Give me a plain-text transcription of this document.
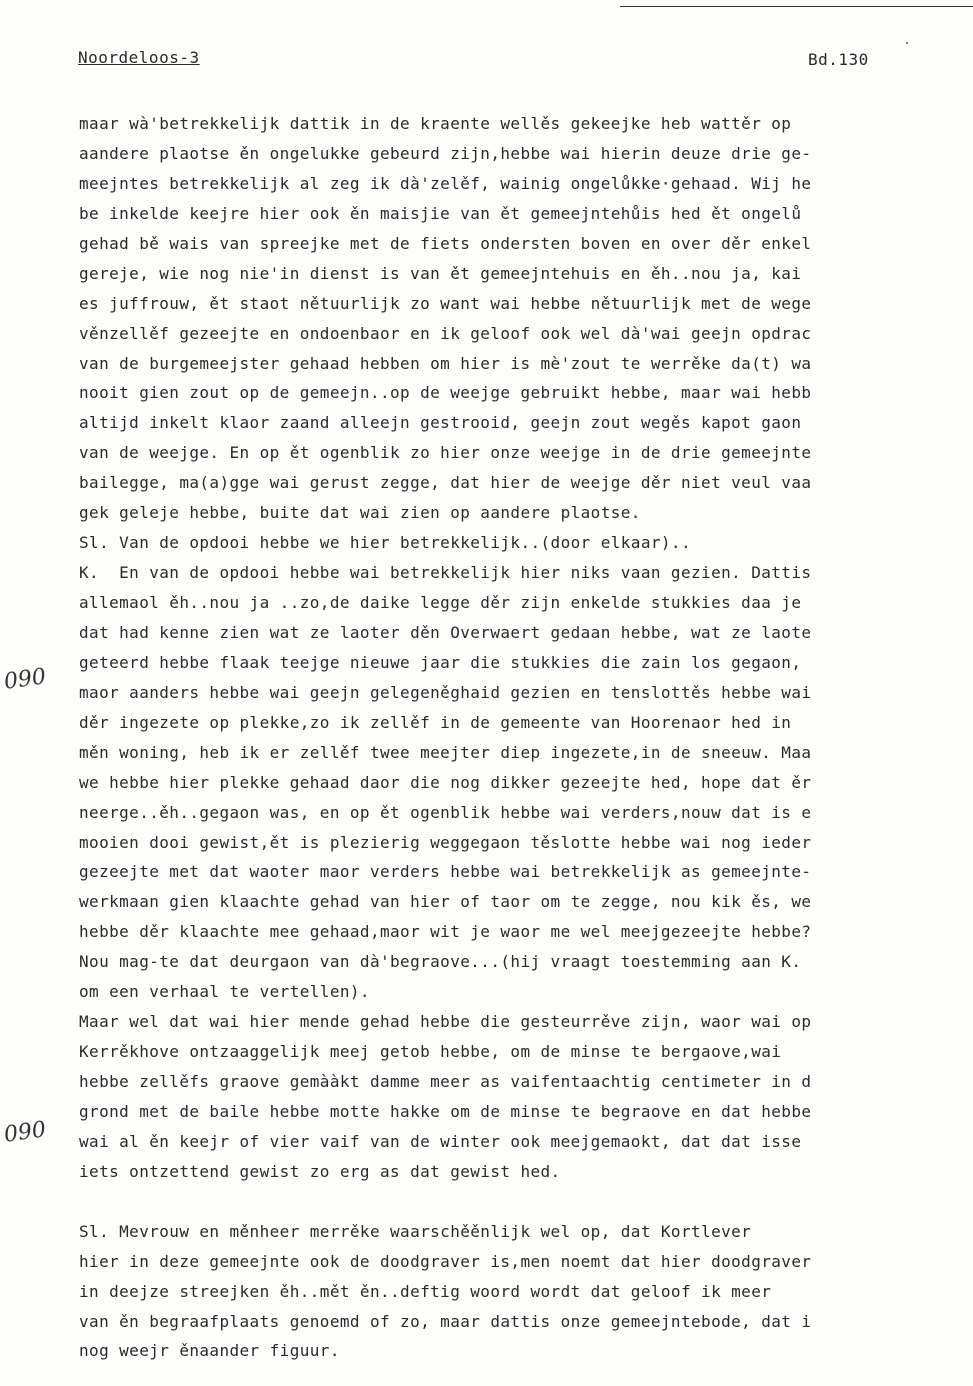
Noordeloos-3	Bd.130
090
090
maar wà'betrekkelijk dattik in de kraente wellěs gekeejke heb wattěr op
aandere plaotse ěn ongelukke gebeurd zijn,hebbe wai hierin deuze drie ge-
meejntes betrekkelijk al zeg ik dà'zelěf, wainig ongelůkke·gehaad. Wij he
be inkelde keejre hier ook ěn maisjie van ět gemeejntehůis hed ět ongelů
gehad bě wais van spreejke met de fiets ondersten boven en over děr enkel
gereje, wie nog nie'in dienst is van ět gemeejntehuis en ěh..nou ja, kai
es juffrouw, ět staot nětuurlijk zo want wai hebbe nětuurlijk met de wege
věnzellěf gezeejte en ondoenbaor en ik geloof ook wel dà'wai geejn opdrac
van de burgemeejster gehaad hebben om hier is mè'zout te werrěke da(t) wa
nooit gien zout op de gemeejn..op de weejge gebruikt hebbe, maar wai hebb
altijd inkelt klaor zaand alleejn gestrooid, geejn zout wegěs kapot gaon
van de weejge. En op ět ogenblik zo hier onze weejge in de drie gemeejnte
bailegge, ma(a)gge wai gerust zegge, dat hier de weejge děr niet veul vaa
gek geleje hebbe, buite dat wai zien op aandere plaotse.
Sl. Van de opdooi hebbe we hier betrekkelijk..(door elkaar)..
K.  En van de opdooi hebbe wai betrekkelijk hier niks vaan gezien. Dattis
allemaol ěh..nou ja ..zo,de daike legge děr zijn enkelde stukkies daa je
dat had kenne zien wat ze laoter děn Overwaert gedaan hebbe, wat ze laote
geteerd hebbe flaak teejge nieuwe jaar die stukkies die zain los gegaon,
maor aanders hebbe wai geejn gelegeněghaid gezien en tenslottěs hebbe wai
děr ingezete op plekke,zo ik zellěf in de gemeente van Hoorenaor hed in
měn woning, heb ik er zellěf twee meejter diep ingezete,in de sneeuw. Maa
we hebbe hier plekke gehaad daor die nog dikker gezeejte hed, hope dat ěr
neerge..ěh..gegaon was, en op ět ogenblik hebbe wai verders,nouw dat is e
mooien dooi gewist,ět is plezierig weggegaon těslotte hebbe wai nog ieder
gezeejte met dat waoter maor verders hebbe wai betrekkelijk as gemeejnte-
werkmaan gien klaachte gehad van hier of taor om te zegge, nou kik ěs, we
hebbe děr klaachte mee gehaad,maor wit je waor me wel meejgezeejte hebbe?
Nou mag-te dat deurgaon van dà'begraove...(hij vraagt toestemming aan K.
om een verhaal te vertellen).
Maar wel dat wai hier mende gehad hebbe die gesteurrěve zijn, waor wai op
Kerrěkhove ontzaaggelijk meej getob hebbe, om de minse te bergaove,wai
hebbe zellěfs graove gemààkt damme meer as vaifentaachtig centimeter in d
grond met de baile hebbe motte hakke om de minse te begraove en dat hebbe
wai al ěn keejr of vier vaif van de winter ook meejgemaokt, dat dat isse
iets ontzettend gewist zo erg as dat gewist hed.
Sl. Mevrouw en měnheer merrěke waarschěěnlijk wel op, dat Kortlever
hier in deze gemeejnte ook de doodgraver is,men noemt dat hier doodgraver
in deejze streejken ěh..mět ěn..deftig woord wordt dat geloof ik meer
van ěn begraafplaats genoemd of zo, maar dattis onze gemeejntebode, dat i
nog weejr ěnaander figuur.
